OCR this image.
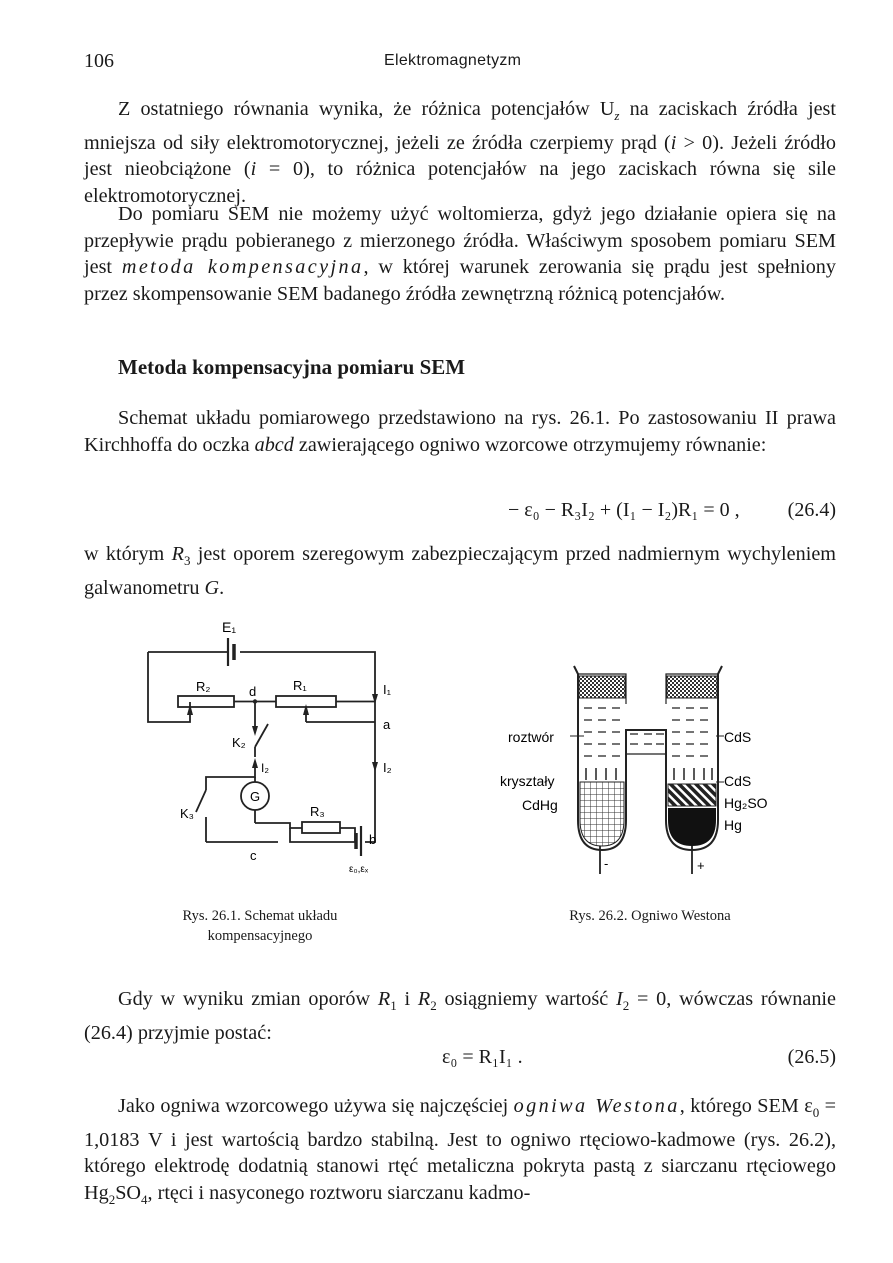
106	Elektromagnetyzm
Z ostatniego równania wynika, że różnica potencjałów $U_z$ na zaciskach źródła jest mniejsza od siły elektromotorycznej, jeżeli ze źródła czerpiemy prąd (i > 0). Jeżeli źródło jest nieobciążone (i = 0), to różnica potencjałów na jego zaciskach równa się sile elektromotorycznej.
Do pomiaru SEM nie możemy użyć woltomierza, gdyż jego działanie opiera się na przepływie prądu pobieranego z mierzonego źródła. Właściwym sposobem pomiaru SEM jest metoda kompensacyjna, w której warunek zerowania się prądu jest spełniony przez skompensowanie SEM badanego źródła zewnętrzną różnicą potencjałów.
Metoda kompensacyjna pomiaru SEM
Schemat układu pomiarowego przedstawiono na rys. 26.1. Po zastosowaniu II prawa Kirchhoffa do oczka abcd zawierającego ogniwo wzorcowe otrzymujemy równanie:
− ε₀ − R₃I₂ + (I₁ − I₂)R₁ = 0 , (26.4)
w którym $R_3$ jest oporem szeregowym zabezpieczającym przed nadmiernym wychyleniem galwanometru G.
E₁
R₂	d	R₁	I₁
a
K₂
I₂	I₂
G
K₃	R₃
b
c
ε₀,εₓ
Rys. 26.1. Schemat układu
kompensacyjnego
roztwór
kryształy
CdHg
CdS
CdS
Hg₂SO
Hg
-	+
Rys. 26.2. Ogniwo Westona
Gdy w wyniku zmian oporów $R_1$ i $R_2$ osiągniemy wartość $I_2 = 0$, wówczas równanie (26.4) przyjmie postać:
ε₀ = R₁I₁ .	(26.5)
Jako ogniwa wzorcowego używa się najczęściej ogniwa Westona, którego SEM $\varepsilon_0 = 1,0183$ V i jest wartością bardzo stabilną. Jest to ogniwo rtęciowo-kadmowe (rys. 26.2), którego elektrodę dodatnią stanowi rtęć metaliczna pokryta pastą z siarczanu rtęciowego $Hg_2SO_4$, rtęci i nasyconego roztworu siarczanu kadmo-
